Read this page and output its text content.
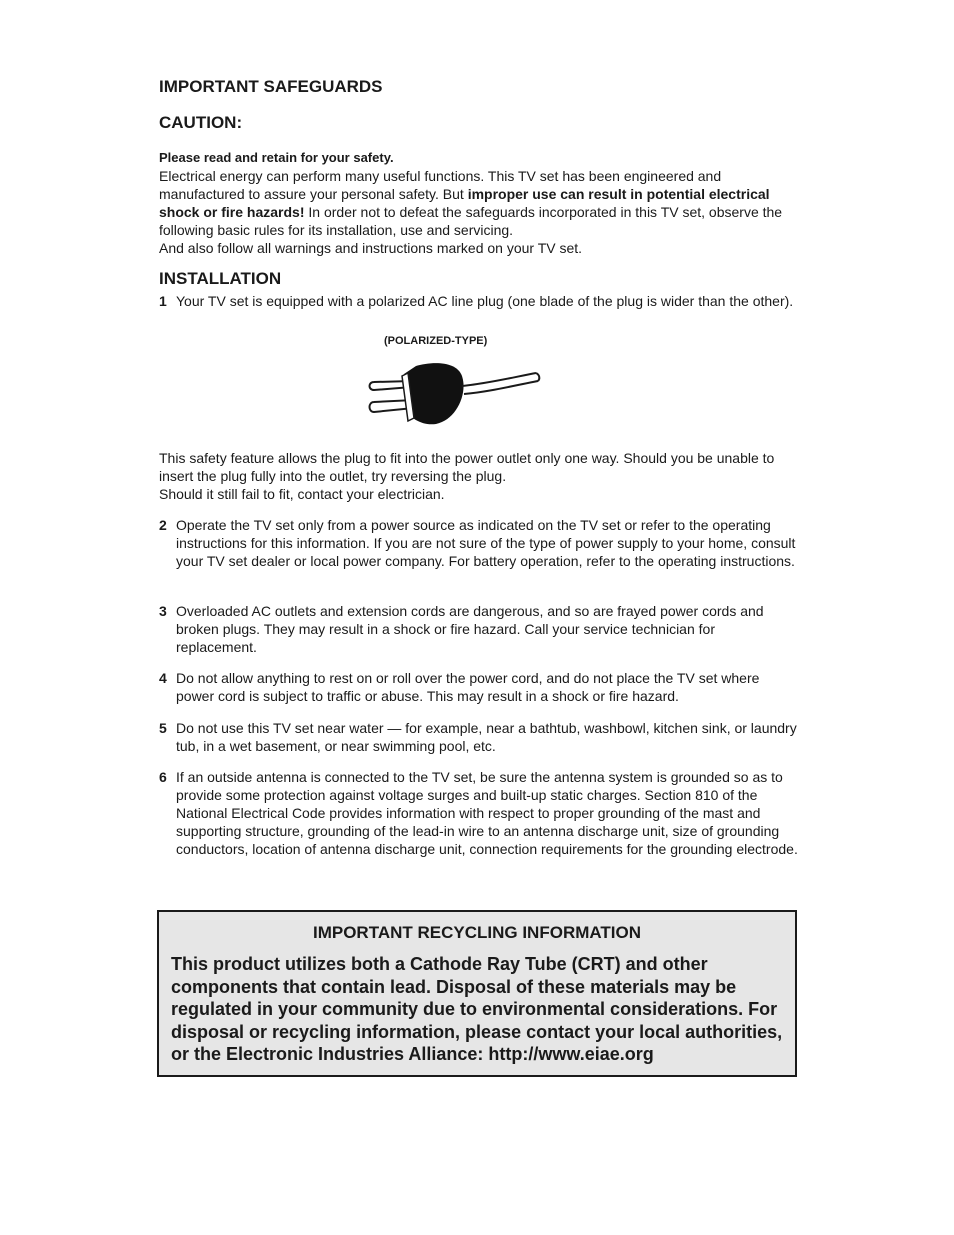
IMPORTANT SAFEGUARDS
CAUTION:

Please read and retain for your safety.

Electrical energy can perform many useful functions. This TV set has been engineered and manufactured to assure your personal safety. But improper use can result in potential electrical shock or fire hazards! In order not to defeat the safeguards incorporated in this TV set, observe the following basic rules for its installation, use and servicing.

And also follow all warnings and instructions marked on your TV set.

INSTALLATION
1 Your TV set is equipped with a polarized AC line plug (one blade of the plug is wider than the other).
(POLARIZED-TYPE)

This safety feature allows the plug to fit into the power outlet only one way. Should you be unable to insert the plug fully into the outlet, try reversing the plug.

Should it still fail to fit, contact your electrician.

2 Operate the TV set only from a power source as indicated on the TV set or refer to the operating instructions for this information. If you are not sure of the type of power supply to your home, consult your TV set dealer or local power company. For battery operation, refer to the operating instructions.
3 Overloaded AC outlets and extension cords are dangerous, and so are frayed power cords and broken plugs. They may result in a shock or fire hazard. Call your service technician for replacement.
4 Do not allow anything to rest on or roll over the power cord, and do not place the TV set where power cord is subject to traffic or abuse. This may result in a shock or fire hazard.
5 Do not use this TV set near water — for example, near a bathtub, washbowl, kitchen sink, or laundry tub, in a wet basement, or near swimming pool, etc.
6 If an outside antenna is connected to the TV set, be sure the antenna system is grounded so as to provide some protection against voltage surges and built-up static charges. Section 810 of the National Electrical Code provides information with respect to proper grounding of the mast and supporting structure, grounding of the lead-in wire to an antenna discharge unit, size of grounding conductors, location of antenna discharge unit, connection requirements for the grounding electrode.
IMPORTANT RECYCLING INFORMATION
This product utilizes both a Cathode Ray Tube (CRT) and other components that contain lead. Disposal of these materials may be regulated in your community due to environmental considerations. For disposal or recycling information, please contact your local authorities, or the Electronic Industries Alliance: http://www.eiae.org
